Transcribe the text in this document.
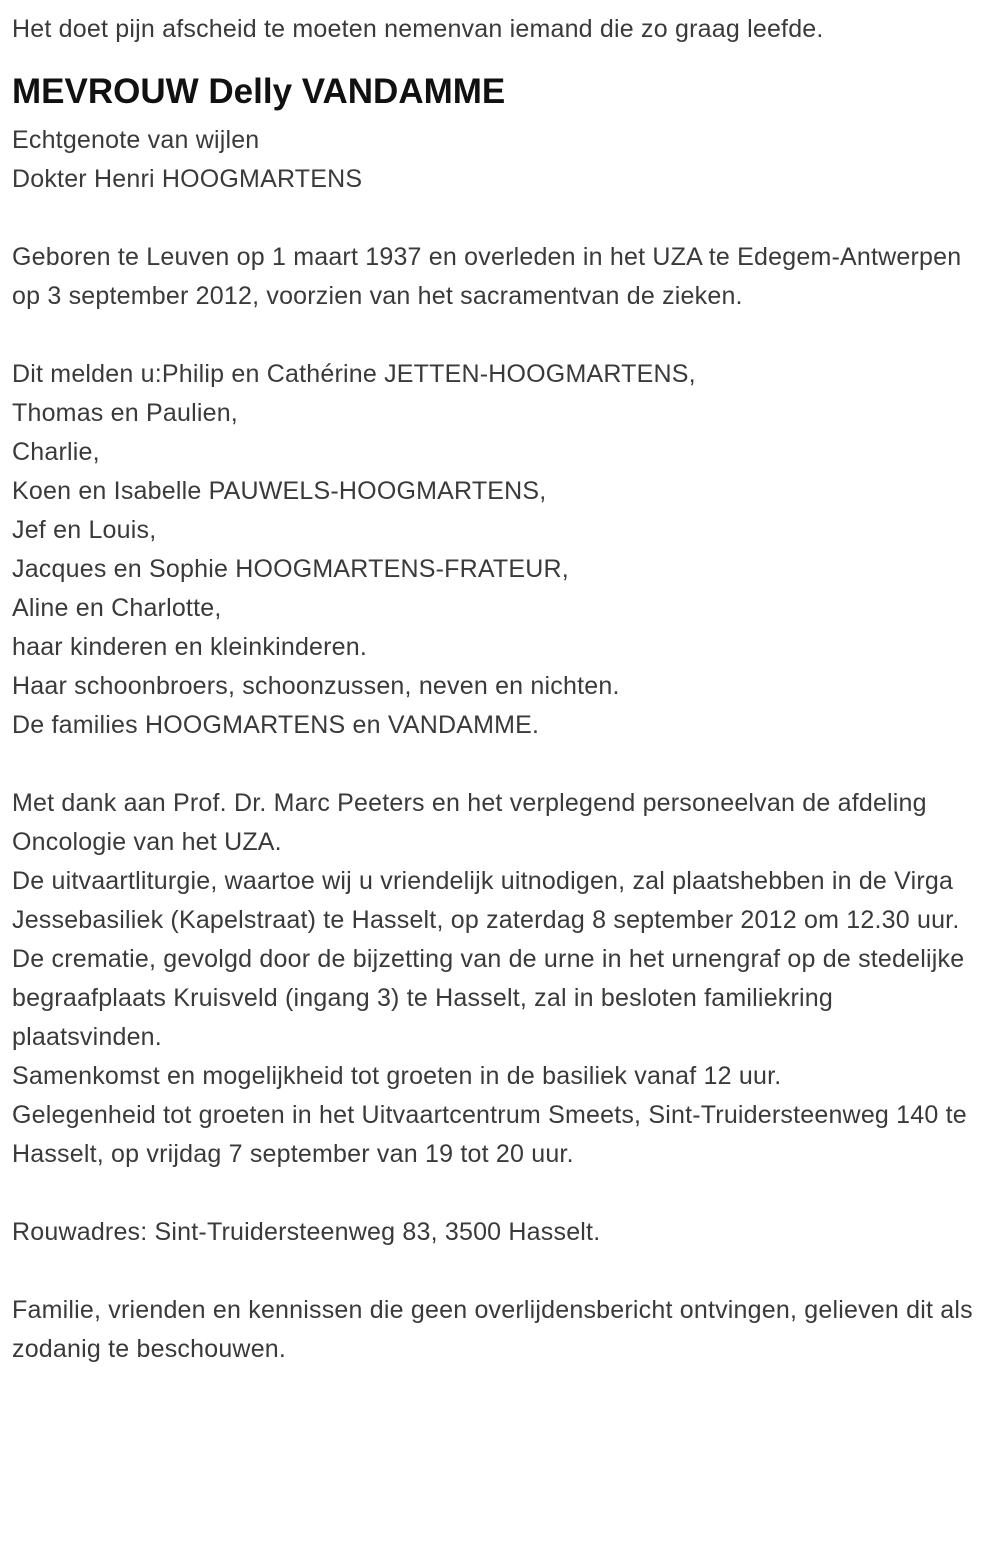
Het doet pijn afscheid te moeten nemenvan iemand die zo graag leefde.

MEVROUW Delly VANDAMME

Echtgenote van wijlen

Dokter Henri HOOGMARTENS

Geboren te Leuven op 1 maart 1937 en overleden in het UZA te Edegem-Antwerpen op 3 september 2012, voorzien van het sacramentvan de zieken.

Dit melden u:Philip en Cathérine JETTEN-HOOGMARTENS,

Thomas en Paulien,

Charlie,

Koen en Isabelle PAUWELS-HOOGMARTENS,

Jef en Louis,

Jacques en Sophie HOOGMARTENS-FRATEUR,

Aline en Charlotte,

haar kinderen en kleinkinderen.

Haar schoonbroers, schoonzussen, neven en nichten.

De families HOOGMARTENS en VANDAMME.

Met dank aan Prof. Dr. Marc Peeters en het verplegend personeelvan de afdeling Oncologie van het UZA.

De uitvaartliturgie, waartoe wij u vriendelijk uitnodigen, zal plaatshebben in de Virga Jessebasiliek (Kapelstraat) te Hasselt, op zaterdag 8 september 2012 om 12.30 uur.

De crematie, gevolgd door de bijzetting van de urne in het urnengraf op de stedelijke begraafplaats Kruisveld (ingang 3) te Hasselt, zal in besloten familiekring plaatsvinden.

Samenkomst en mogelijkheid tot groeten in de basiliek vanaf 12 uur.

Gelegenheid tot groeten in het Uitvaartcentrum Smeets, Sint-Truidersteenweg 140 te Hasselt, op vrijdag 7 september van 19 tot 20 uur.

Rouwadres: Sint-Truidersteenweg 83, 3500 Hasselt.

Familie, vrienden en kennissen die geen overlijdensbericht ontvingen, gelieven dit als zodanig te beschouwen.
